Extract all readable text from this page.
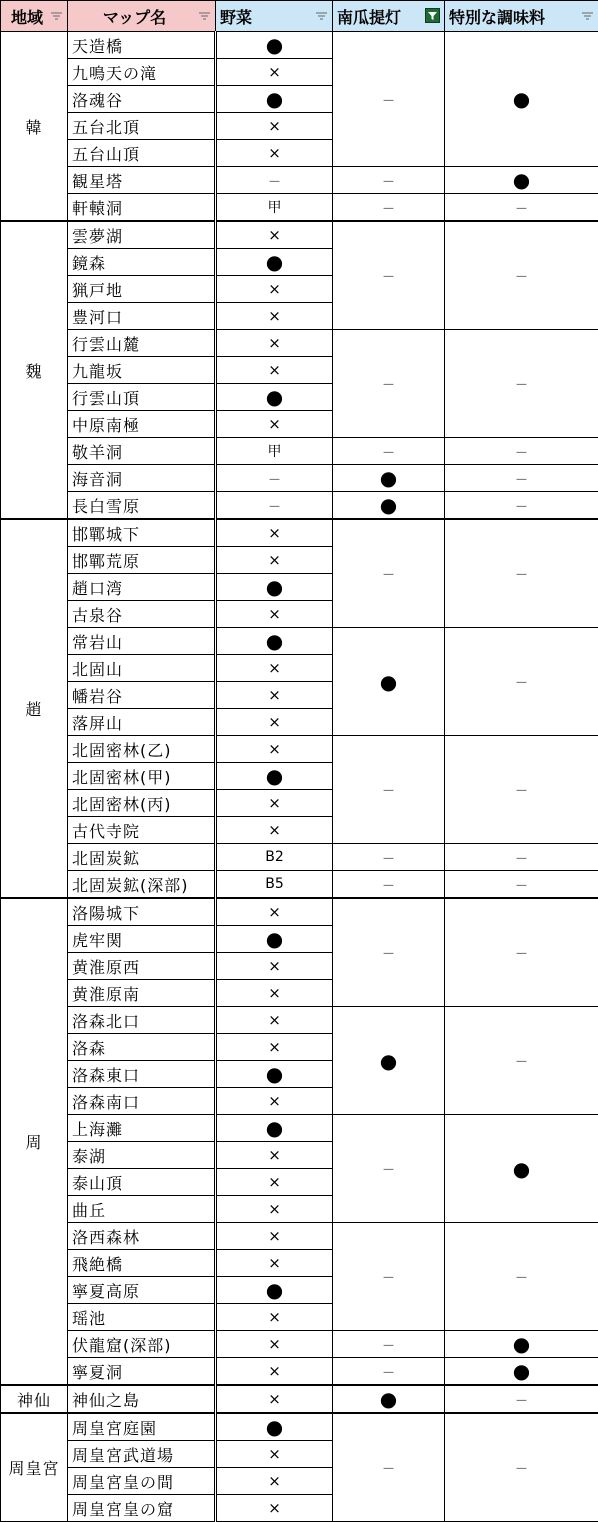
地域	マップ名	野菜	南瓜提灯	特別な調味料

韓	天造橋	●	－	●
	九鳴天の滝	×		
	洛魂谷	●		
	五台北頂	×		
	五台山頂	×		
	観星塔	－	－	●
	軒轅洞	甲	－	－
魏	雲夢湖	×	－	－
	鏡森	●		
	猟戸地	×		
	豊河口	×		
	行雲山麓	×	－	－
	九龍坂	×		
	行雲山頂	●		
	中原南極	×		
	敬羊洞	甲	－	－
	海音洞	－	●	－
	長白雪原	－	●	－
趙	邯鄲城下	×	－	－
	邯鄲荒原	×		
	趙口湾	●		
	古泉谷	×		
	常岩山	●	●	－
	北固山	×		
	幡岩谷	×		
	落屏山	×		
	北固密林(乙)	×	－	－
	北固密林(甲)	●		
	北固密林(丙)	×		
	古代寺院	×		
	北固炭鉱	B2	－	－
	北固炭鉱(深部)	B5	－	－
周	洛陽城下	×	－	－
	虎牢関	●		
	黄淮原西	×		
	黄淮原南	×		
	洛森北口	×	●	－
	洛森	×		
	洛森東口	●		
	洛森南口	×		
	上海灘	●	－	●
	泰湖	×		
	泰山頂	×		
	曲丘	×		
	洛西森林	×	－	－
	飛絶橋	×		
	寧夏高原	●		
	瑶池	×		
	伏龍窟(深部)	×	－	●
	寧夏洞	×	－	●
神仙	神仙之島	×	●	－
周皇宮	周皇宮庭園	●	－	－
	周皇宮武道場	×		
	周皇宮皇の間	×		
	周皇宮皇の窟	×		
